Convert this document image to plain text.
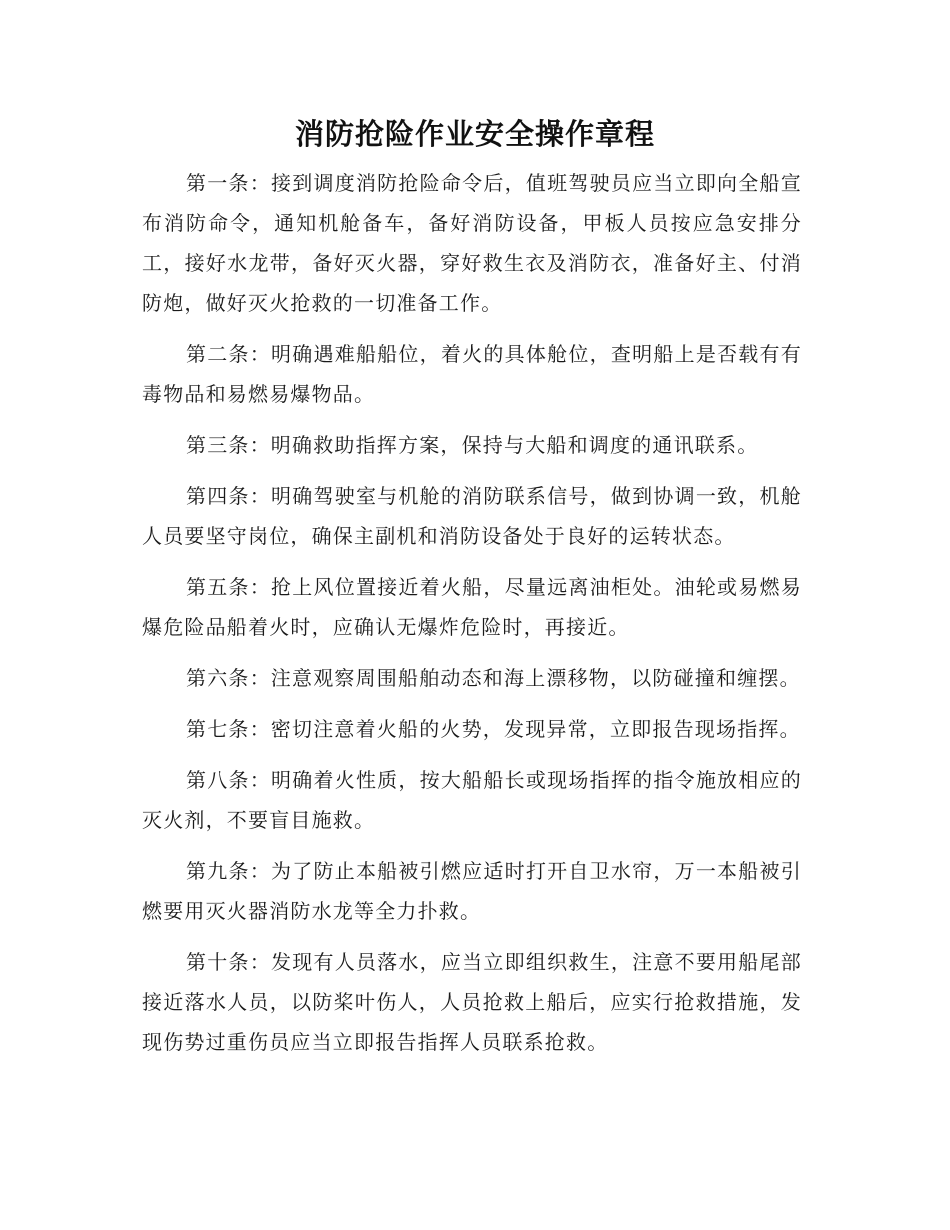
消防抢险作业安全操作章程

第一条：接到调度消防抢险命令后，值班驾驶员应当立即向全船宣布消防命令，通知机舱备车，备好消防设备，甲板人员按应急安排分工，接好水龙带，备好灭火器，穿好救生衣及消防衣，准备好主、付消防炮，做好灭火抢救的一切准备工作。

第二条：明确遇难船船位，着火的具体舱位，查明船上是否载有有毒物品和易燃易爆物品。

第三条：明确救助指挥方案，保持与大船和调度的通讯联系。

第四条：明确驾驶室与机舱的消防联系信号，做到协调一致，机舱人员要坚守岗位，确保主副机和消防设备处于良好的运转状态。

第五条：抢上风位置接近着火船，尽量远离油柜处。油轮或易燃易爆危险品船着火时，应确认无爆炸危险时，再接近。

第六条：注意观察周围船舶动态和海上漂移物，以防碰撞和缠摆。

第七条：密切注意着火船的火势，发现异常，立即报告现场指挥。

第八条：明确着火性质，按大船船长或现场指挥的指令施放相应的灭火剂，不要盲目施救。

第九条：为了防止本船被引燃应适时打开自卫水帘，万一本船被引燃要用灭火器消防水龙等全力扑救。

第十条：发现有人员落水，应当立即组织救生，注意不要用船尾部接近落水人员，以防桨叶伤人，人员抢救上船后，应实行抢救措施，发现伤势过重伤员应当立即报告指挥人员联系抢救。
